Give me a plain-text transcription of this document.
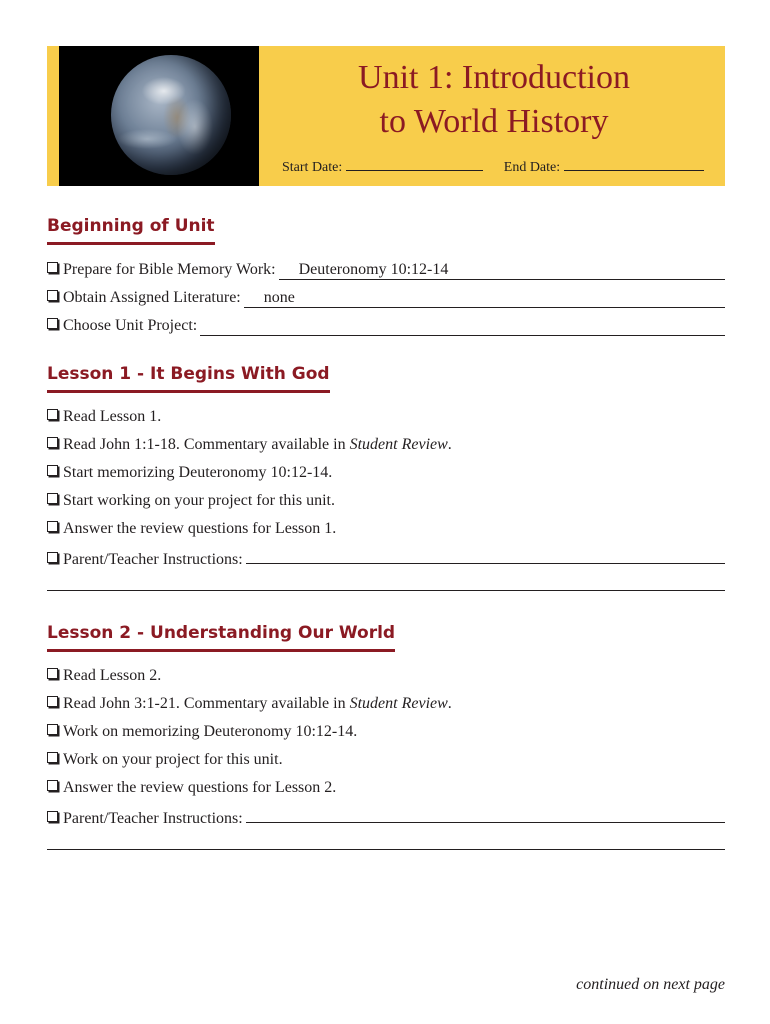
Unit 1: Introduction
to World History
Start Date:	End Date:
Beginning of Unit
Prepare for Bible Memory Work:	Deuteronomy 10:12-14
Obtain Assigned Literature:	none
Choose Unit Project:
Lesson 1 - It Begins With God
Read Lesson 1.
Read John 1:1-18. Commentary available in Student Review .
Start memorizing Deuteronomy 10:12-14.
Start working on your project for this unit.
Answer the review questions for Lesson 1.
Parent/Teacher Instructions:
Lesson 2 - Understanding Our World
Read Lesson 2.
Read John 3:1-21. Commentary available in Student Review .
Work on memorizing Deuteronomy 10:12-14.
Work on your project for this unit.
Answer the review questions for Lesson 2.
Parent/Teacher Instructions:
continued on next page
